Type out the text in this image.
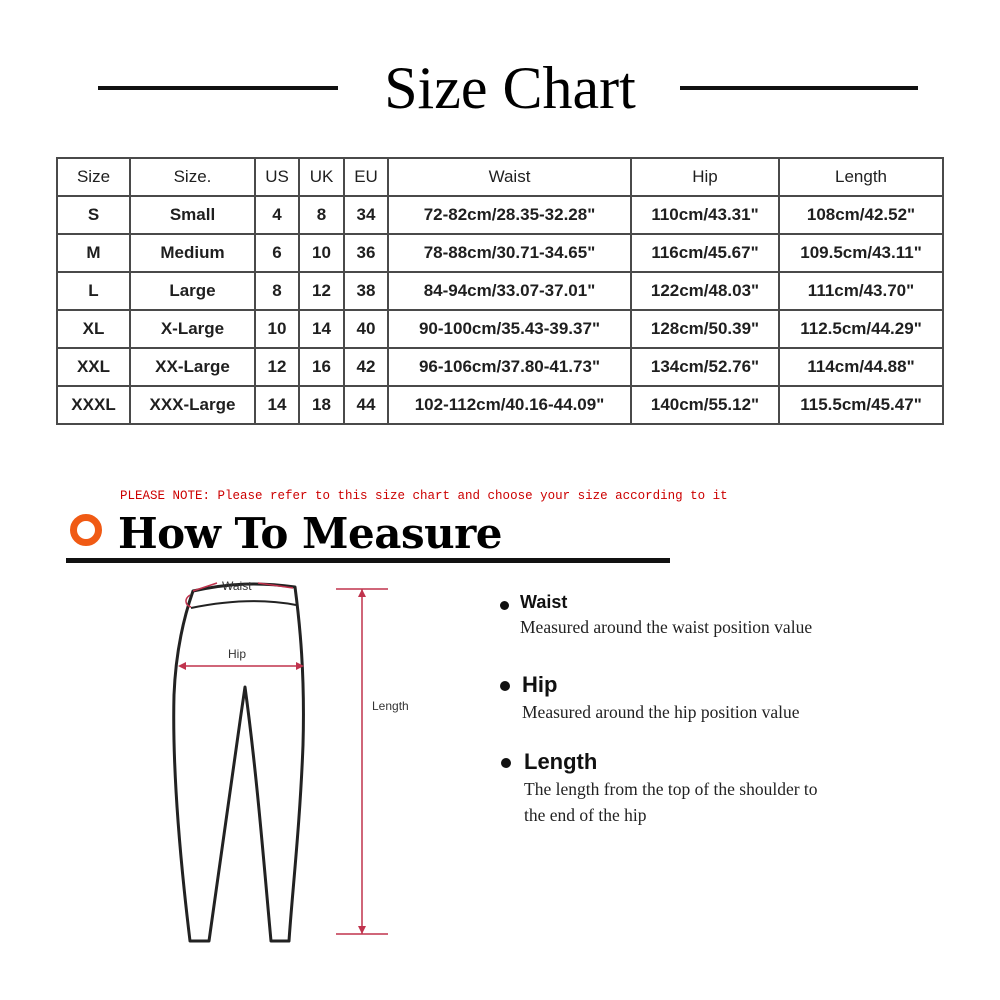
Size Chart
Size	Size.	US	UK	EU	Waist	Hip	Length
S	Small	4	8	34	72-82cm/28.35-32.28"	110cm/43.31"	108cm/42.52"
M	Medium	6	10	36	78-88cm/30.71-34.65"	116cm/45.67"	109.5cm/43.11"
L	Large	8	12	38	84-94cm/33.07-37.01"	122cm/48.03"	111cm/43.70"
XL	X-Large	10	14	40	90-100cm/35.43-39.37"	128cm/50.39"	112.5cm/44.29"
XXL	XX-Large	12	16	42	96-106cm/37.80-41.73"	134cm/52.76"	114cm/44.88"
XXXL	XXX-Large	14	18	44	102-112cm/40.16-44.09"	140cm/55.12"	115.5cm/45.47"
PLEASE NOTE: Please refer to this size chart and choose your size according to it
How To Measure
Waist
Hip
Length
Waist
Measured around the waist position value
Hip
Measured around the hip position value
Length
The length from the top of the shoulder to
the end of the hip
